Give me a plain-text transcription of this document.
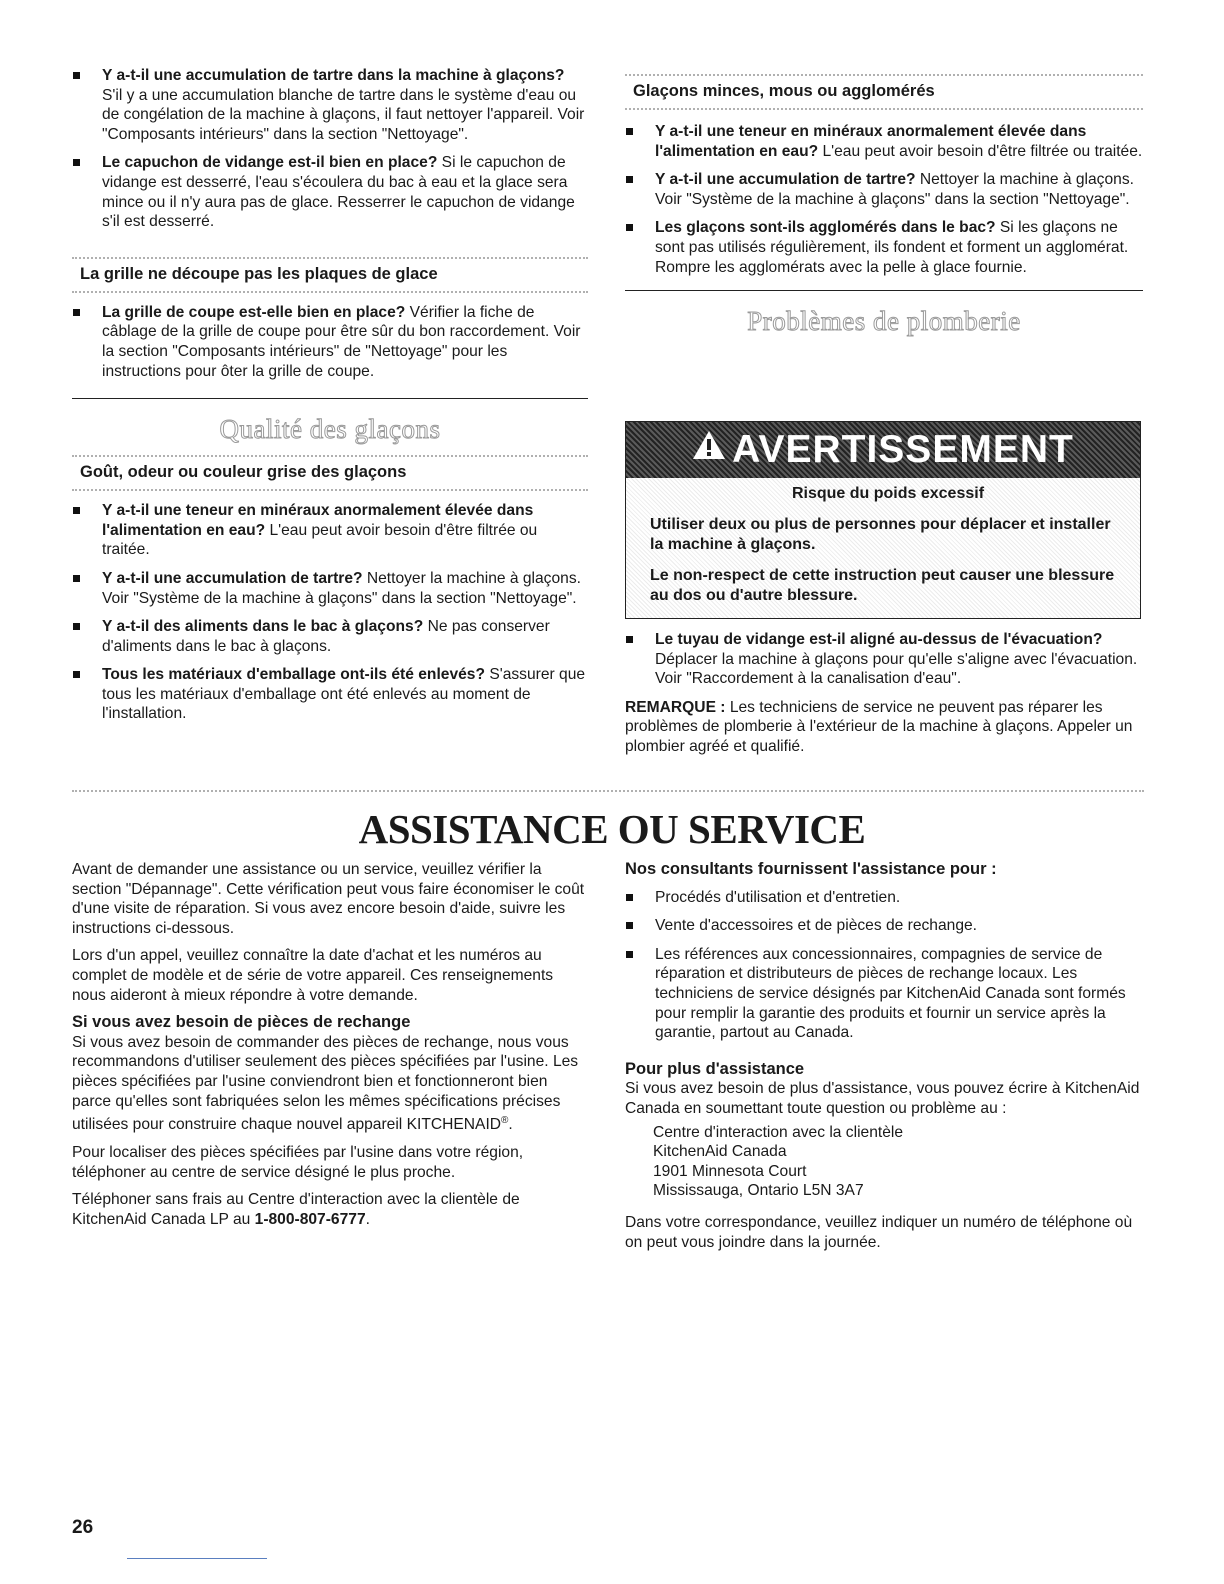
Y a-t-il une accumulation de tartre dans la machine à glaçons? S'il y a une accumulation blanche de tartre dans le système d'eau ou de congélation de la machine à glaçons, il faut nettoyer l'appareil. Voir "Composants intérieurs" dans la section "Nettoyage".
Le capuchon de vidange est-il bien en place? Si le capuchon de vidange est desserré, l'eau s'écoulera du bac à eau et la glace sera mince ou il n'y aura pas de glace. Resserrer le capuchon de vidange s'il est desserré.
La grille ne découpe pas les plaques de glace
La grille de coupe est-elle bien en place? Vérifier la fiche de câblage de la grille de coupe pour être sûr du bon raccordement. Voir la section "Composants intérieurs" de "Nettoyage" pour les instructions pour ôter la grille de coupe.
Qualité des glaçons
Goût, odeur ou couleur grise des glaçons
Y a-t-il une teneur en minéraux anormalement élevée dans l'alimentation en eau? L'eau peut avoir besoin d'être filtrée ou traitée.
Y a-t-il une accumulation de tartre? Nettoyer la machine à glaçons. Voir "Système de la machine à glaçons" dans la section "Nettoyage".
Y a-t-il des aliments dans le bac à glaçons? Ne pas conserver d'aliments dans le bac à glaçons.
Tous les matériaux d'emballage ont-ils été enlevés? S'assurer que tous les matériaux d'emballage ont été enlevés au moment de l'installation.
Glaçons minces, mous ou agglomérés
Y a-t-il une teneur en minéraux anormalement élevée dans l'alimentation en eau? L'eau peut avoir besoin d'être filtrée ou traitée.
Y a-t-il une accumulation de tartre? Nettoyer la machine à glaçons. Voir "Système de la machine à glaçons" dans la section "Nettoyage".
Les glaçons sont-ils agglomérés dans le bac? Si les glaçons ne sont pas utilisés régulièrement, ils fondent et forment un agglomérat. Rompre les agglomérats avec la pelle à glace fournie.
Problèmes de plomberie
AVERTISSEMENT

Risque du poids excessif

Utiliser deux ou plus de personnes pour déplacer et installer la machine à glaçons.

Le non-respect de cette instruction peut causer une blessure au dos ou d'autre blessure.

Le tuyau de vidange est-il aligné au-dessus de l'évacuation? Déplacer la machine à glaçons pour qu'elle s'aligne avec l'évacuation. Voir "Raccordement à la canalisation d'eau".

REMARQUE : Les techniciens de service ne peuvent pas réparer les problèmes de plomberie à l'extérieur de la machine à glaçons. Appeler un plombier agréé et qualifié.

ASSISTANCE OU SERVICE

Avant de demander une assistance ou un service, veuillez vérifier la section "Dépannage". Cette vérification peut vous faire économiser le coût d'une visite de réparation. Si vous avez encore besoin d'aide, suivre les instructions ci-dessous.

Lors d'un appel, veuillez connaître la date d'achat et les numéros au complet de modèle et de série de votre appareil. Ces renseignements nous aideront à mieux répondre à votre demande.

Si vous avez besoin de pièces de rechange

Si vous avez besoin de commander des pièces de rechange, nous vous recommandons d'utiliser seulement des pièces spécifiées par l'usine. Les pièces spécifiées par l'usine conviendront bien et fonctionneront bien parce qu'elles sont fabriquées selon les mêmes spécifications précises utilisées pour construire chaque nouvel appareil KITCHENAID®.

Pour localiser des pièces spécifiées par l'usine dans votre région, téléphoner au centre de service désigné le plus proche.

Téléphoner sans frais au Centre d'interaction avec la clientèle de KitchenAid Canada LP au 1-800-807-6777.

Nos consultants fournissent l'assistance pour :

Procédés d'utilisation et d'entretien.
Vente d'accessoires et de pièces de rechange.
Les références aux concessionnaires, compagnies de service de réparation et distributeurs de pièces de rechange locaux. Les techniciens de service désignés par KitchenAid Canada sont formés pour remplir la garantie des produits et fournir un service après la garantie, partout au Canada.

Pour plus d'assistance

Si vous avez besoin de plus d'assistance, vous pouvez écrire à KitchenAid Canada en soumettant toute question ou problème au :

Centre d'interaction avec la clientèle
KitchenAid Canada
1901 Minnesota Court
Mississauga, Ontario L5N 3A7

Dans votre correspondance, veuillez indiquer un numéro de téléphone où on peut vous joindre dans la journée.

26
